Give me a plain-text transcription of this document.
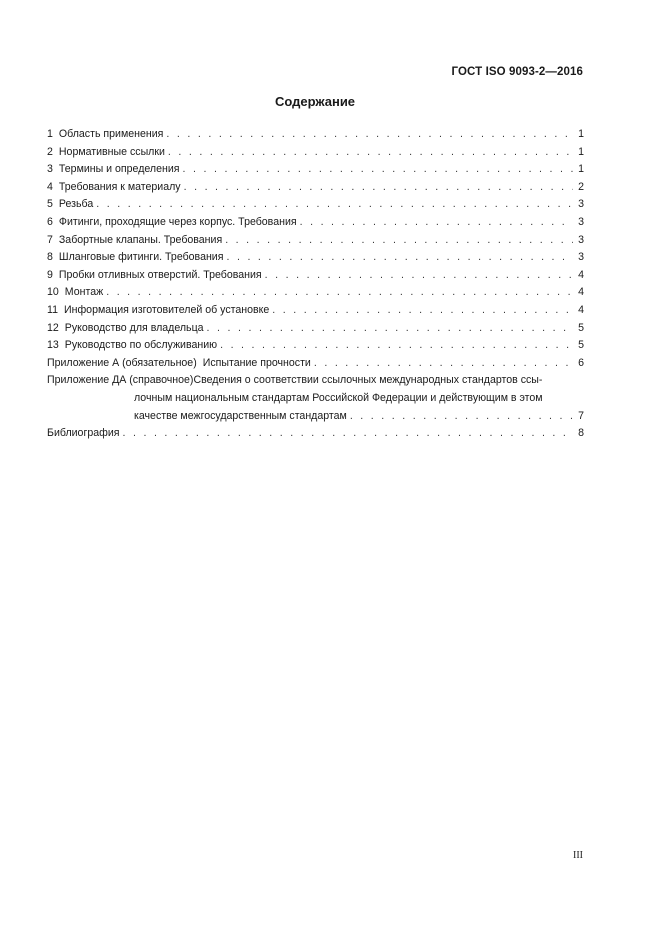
ГОСТ ISO 9093-2—2016
Содержание
1 Область применения . . .	1
2 Нормативные ссылки . . .	1
3 Термины и определения . . .	1
4 Требования к материалу . . .	2
5 Резьба . . .	3
6 Фитинги, проходящие через корпус. Требования . . .	3
7 Забортные клапаны. Требования . . .	3
8 Шланговые фитинги. Требования . . .	3
9 Пробки отливных отверстий. Требования . . .	4
10 Монтаж . . .	4
11 Информация изготовителей об установке . . .	4
12 Руководство для владельца . . .	5
13 Руководство по обслуживанию . . .	5
Приложение А (обязательное) Испытание прочности . . .	6
Приложение ДА (справочное)Сведения о соответствии ссылочных международных стандартов ссы-
лочным национальным стандартам Российской Федерации и действующим в этом
качестве межгосударственным стандартам . . .	7
Библиография . . .	8
III
